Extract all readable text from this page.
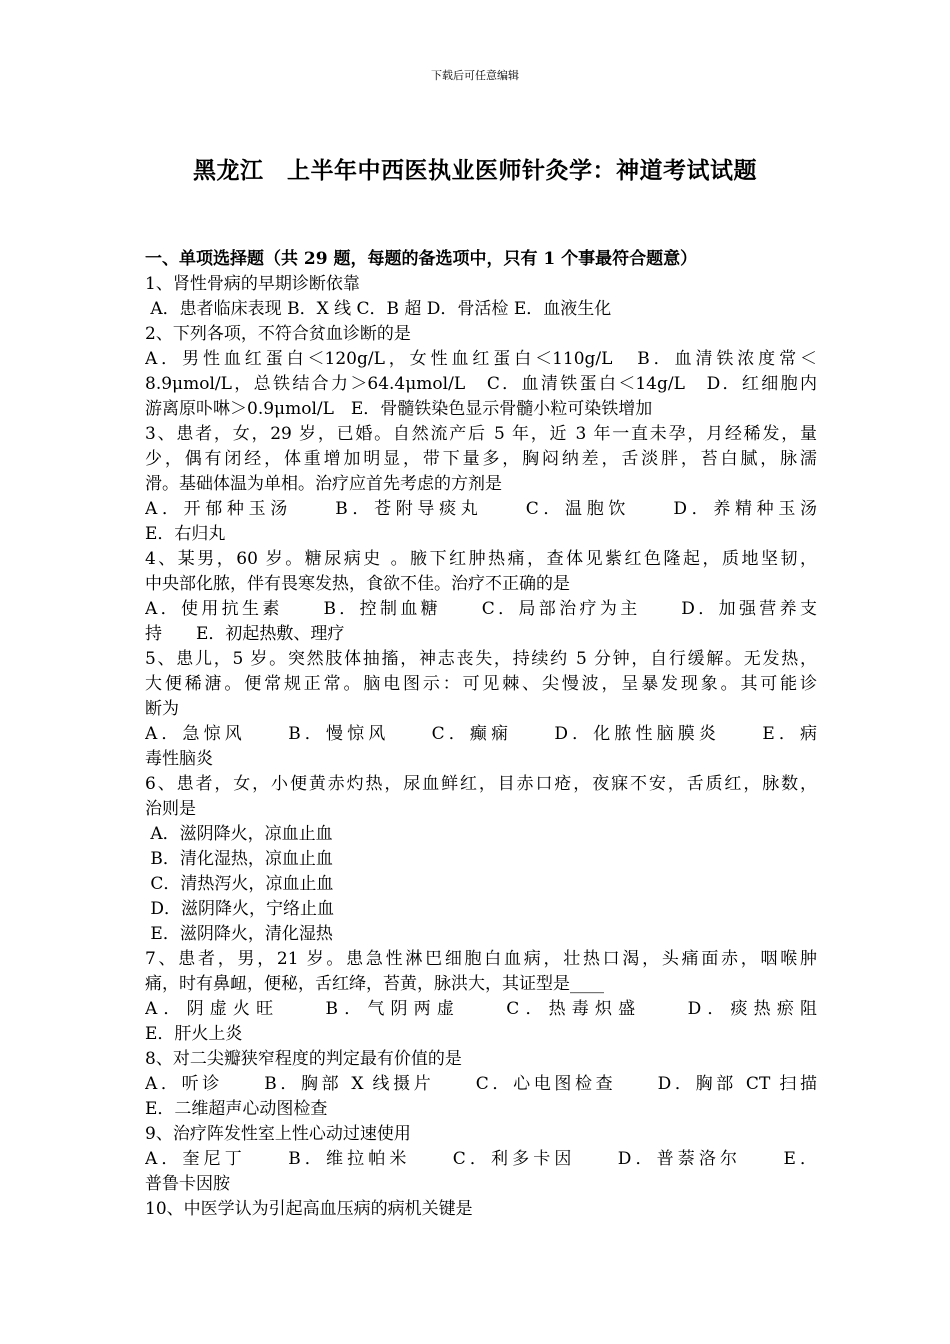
下载后可任意编辑
黑龙江　上半年中西医执业医师针灸学：神道考试试题
一、单项选择题（共 29 题，每题的备选项中，只有 1 个事最符合题意）
1、肾性骨病的早期诊断依靠
A．患者临床表现 B．X 线 C．B 超 D．骨活检 E．血液生化
2、下列各项，不符合贫血诊断的是
A．男性血红蛋白＜120g/L，女性血红蛋白＜110g/L　B．血清铁浓度常＜
8.9μmol/L，总铁结合力＞64.4μmol/L　C．血清铁蛋白＜14g/L　D．红细胞内
游离原卟啉＞0.9μmol/L　E．骨髓铁染色显示骨髓小粒可染铁增加
3、患者，女，29 岁，已婚。自然流产后 5 年，近 3 年一直未孕，月经稀发，量
少，偶有闭经，体重增加明显，带下量多，胸闷纳差，舌淡胖，苔白腻，脉濡
滑。基础体温为单相。治疗应首先考虑的方剂是
A．开郁种玉汤　　B．苍附导痰丸　　C．温胞饮　　D．养精种玉汤
E．右归丸
4、某男，60 岁。糖尿病史 。腋下红肿热痛，查体见紫红色隆起，质地坚韧，
中央部化脓，伴有畏寒发热，食欲不佳。治疗不正确的是
A．使用抗生素　　B．控制血糖　　C．局部治疗为主　　D．加强营养支
持　　E．初起热敷、理疗
5、患儿，5 岁。突然肢体抽搐，神志丧失，持续约 5 分钟，自行缓解。无发热，
大便稀溏。便常规正常。脑电图示：可见棘、尖慢波，呈暴发现象。其可能诊
断为
A．急惊风　　B．慢惊风　　C．癫痫　　D．化脓性脑膜炎　　E．病
毒性脑炎
6、患者，女，小便黄赤灼热，尿血鲜红，目赤口疮，夜寐不安，舌质红，脉数，
治则是
A．滋阴降火，凉血止血
B．清化湿热，凉血止血
C．清热泻火，凉血止血
D．滋阴降火，宁络止血
E．滋阴降火，清化湿热
7、患者，男，21 岁。患急性淋巴细胞白血病，壮热口渴，头痛面赤，咽喉肿
痛，时有鼻衄，便秘，舌红绛，苔黄，脉洪大，其证型是____
A．阴虚火旺　　B．气阴两虚　　C．热毒炽盛　　D．痰热瘀阻
E．肝火上炎
8、对二尖瓣狭窄程度的判定最有价值的是
A．听诊　　B．胸部 X 线摄片　　C．心电图检查　　D．胸部 CT 扫描
E．二维超声心动图检查
9、治疗阵发性室上性心动过速使用
A．奎尼丁　　B．维拉帕米　　C．利多卡因　　D．普萘洛尔　　E．
普鲁卡因胺
10、中医学认为引起高血压病的病机关键是
